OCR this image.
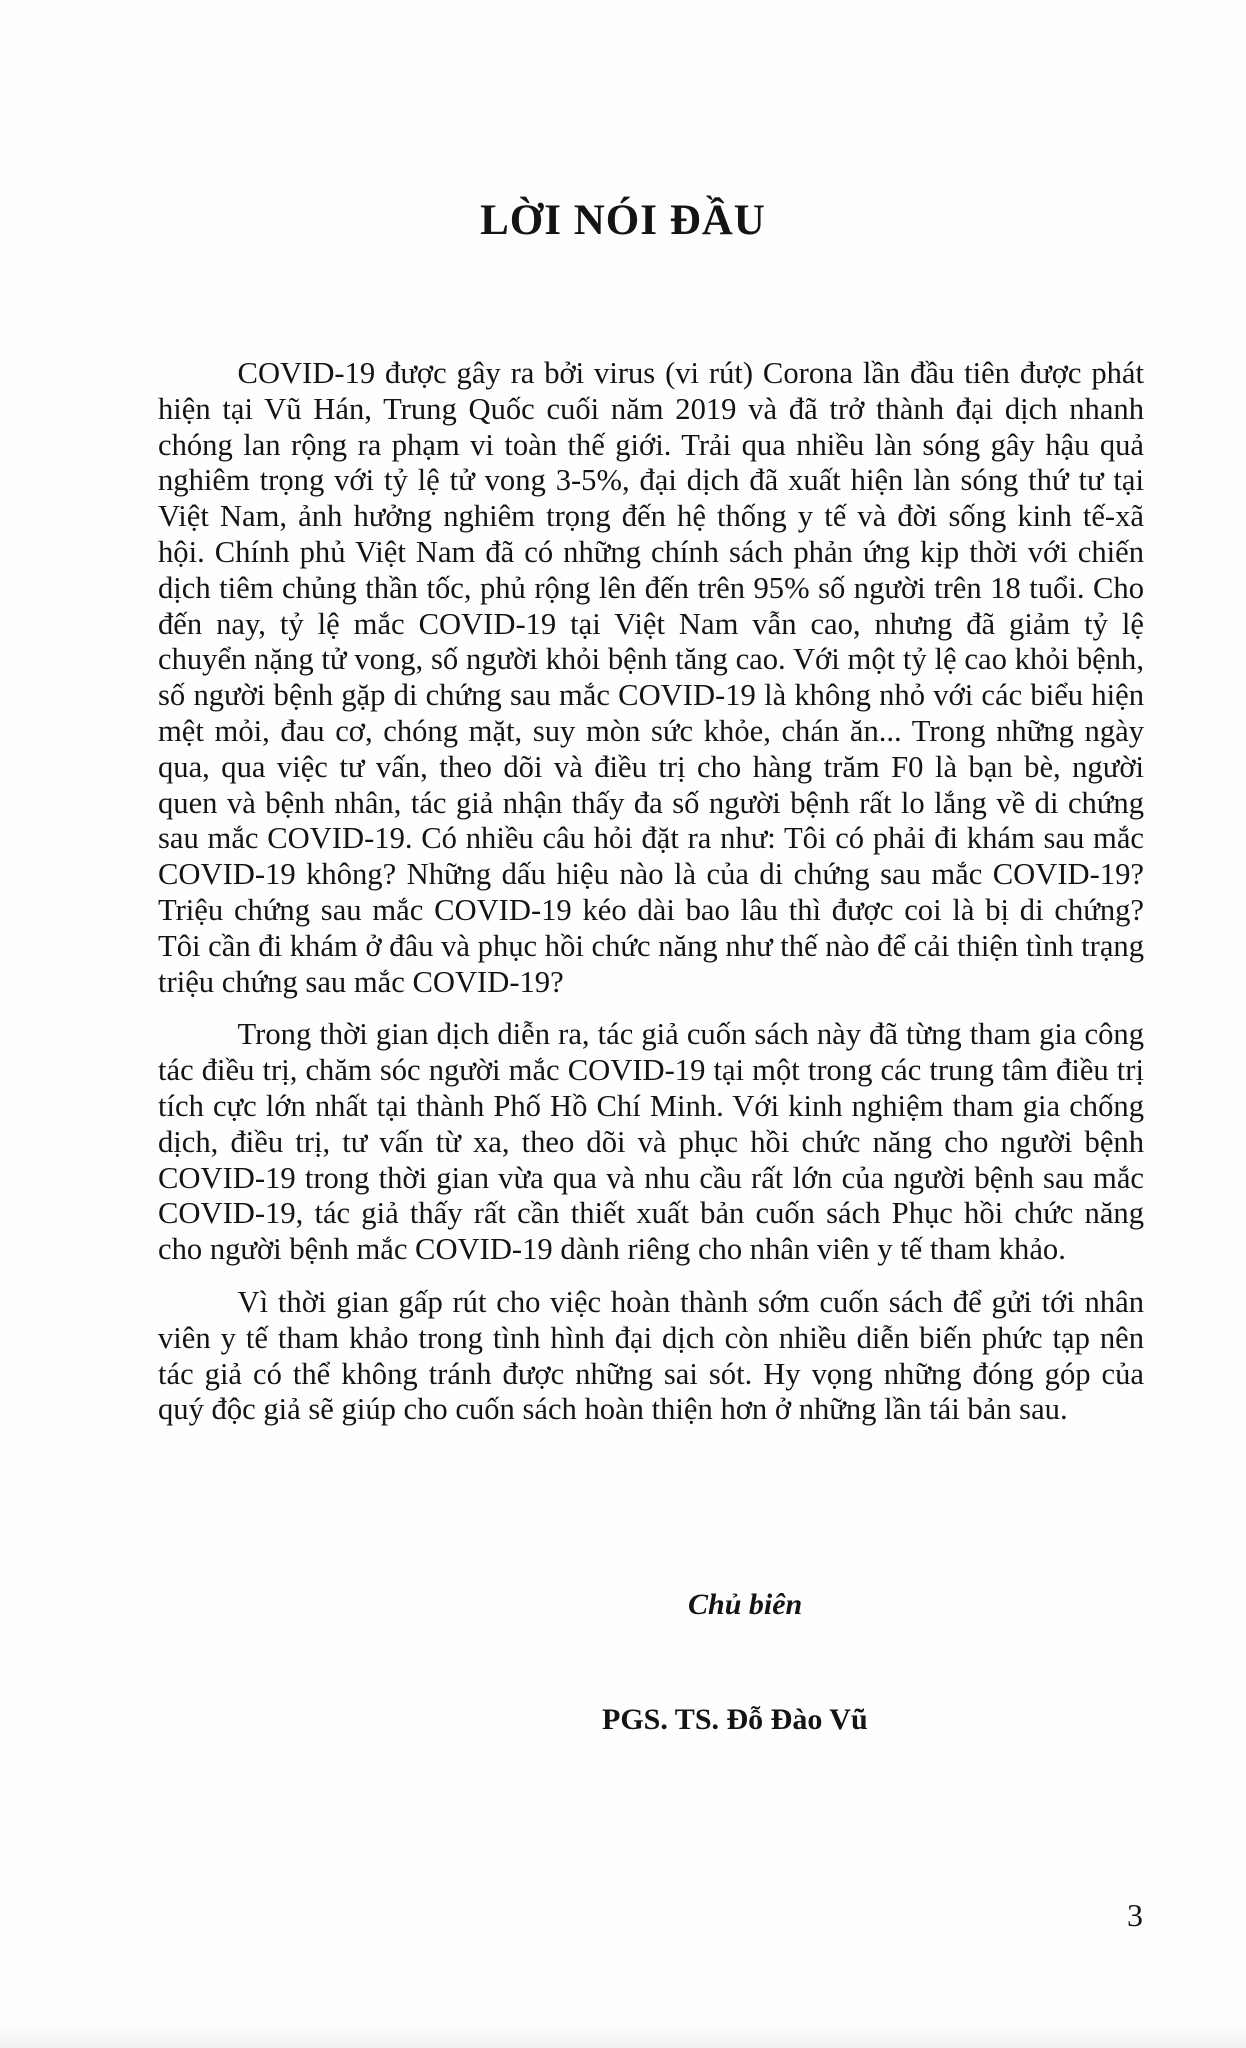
LỜI NÓI ĐẦU

COVID-19 được gây ra bởi virus (vi rút) Corona lần đầu tiên được phát hiện tại Vũ Hán, Trung Quốc cuối năm 2019 và đã trở thành đại dịch nhanh chóng lan rộng ra phạm vi toàn thế giới. Trải qua nhiều làn sóng gây hậu quả nghiêm trọng với tỷ lệ tử vong 3-5%, đại dịch đã xuất hiện làn sóng thứ tư tại Việt Nam, ảnh hưởng nghiêm trọng đến hệ thống y tế và đời sống kinh tế-xã hội. Chính phủ Việt Nam đã có những chính sách phản ứng kịp thời với chiến dịch tiêm chủng thần tốc, phủ rộng lên đến trên 95% số người trên 18 tuổi. Cho đến nay, tỷ lệ mắc COVID-19 tại Việt Nam vẫn cao, nhưng đã giảm tỷ lệ chuyển nặng tử vong, số người khỏi bệnh tăng cao. Với một tỷ lệ cao khỏi bệnh, số người bệnh gặp di chứng sau mắc COVID-19 là không nhỏ với các biểu hiện mệt mỏi, đau cơ, chóng mặt, suy mòn sức khỏe, chán ăn... Trong những ngày qua, qua việc tư vấn, theo dõi và điều trị cho hàng trăm F0 là bạn bè, người quen và bệnh nhân, tác giả nhận thấy đa số người bệnh rất lo lắng về di chứng sau mắc COVID-19. Có nhiều câu hỏi đặt ra như: Tôi có phải đi khám sau mắc COVID-19 không? Những dấu hiệu nào là của di chứng sau mắc COVID-19? Triệu chứng sau mắc COVID-19 kéo dài bao lâu thì được coi là bị di chứng? Tôi cần đi khám ở đâu và phục hồi chức năng như thế nào để cải thiện tình trạng triệu chứng sau mắc COVID-19?

Trong thời gian dịch diễn ra, tác giả cuốn sách này đã từng tham gia công tác điều trị, chăm sóc người mắc COVID-19 tại một trong các trung tâm điều trị tích cực lớn nhất tại thành Phố Hồ Chí Minh. Với kinh nghiệm tham gia chống dịch, điều trị, tư vấn từ xa, theo dõi và phục hồi chức năng cho người bệnh COVID-19 trong thời gian vừa qua và nhu cầu rất lớn của người bệnh sau mắc COVID-19, tác giả thấy rất cần thiết xuất bản cuốn sách Phục hồi chức năng cho người bệnh mắc COVID-19 dành riêng cho nhân viên y tế tham khảo.

Vì thời gian gấp rút cho việc hoàn thành sớm cuốn sách để gửi tới nhân viên y tế tham khảo trong tình hình đại dịch còn nhiều diễn biến phức tạp nên tác giả có thể không tránh được những sai sót. Hy vọng những đóng góp của quý độc giả sẽ giúp cho cuốn sách hoàn thiện hơn ở những lần tái bản sau.

Chủ biên

PGS. TS. Đỗ Đào Vũ

3
